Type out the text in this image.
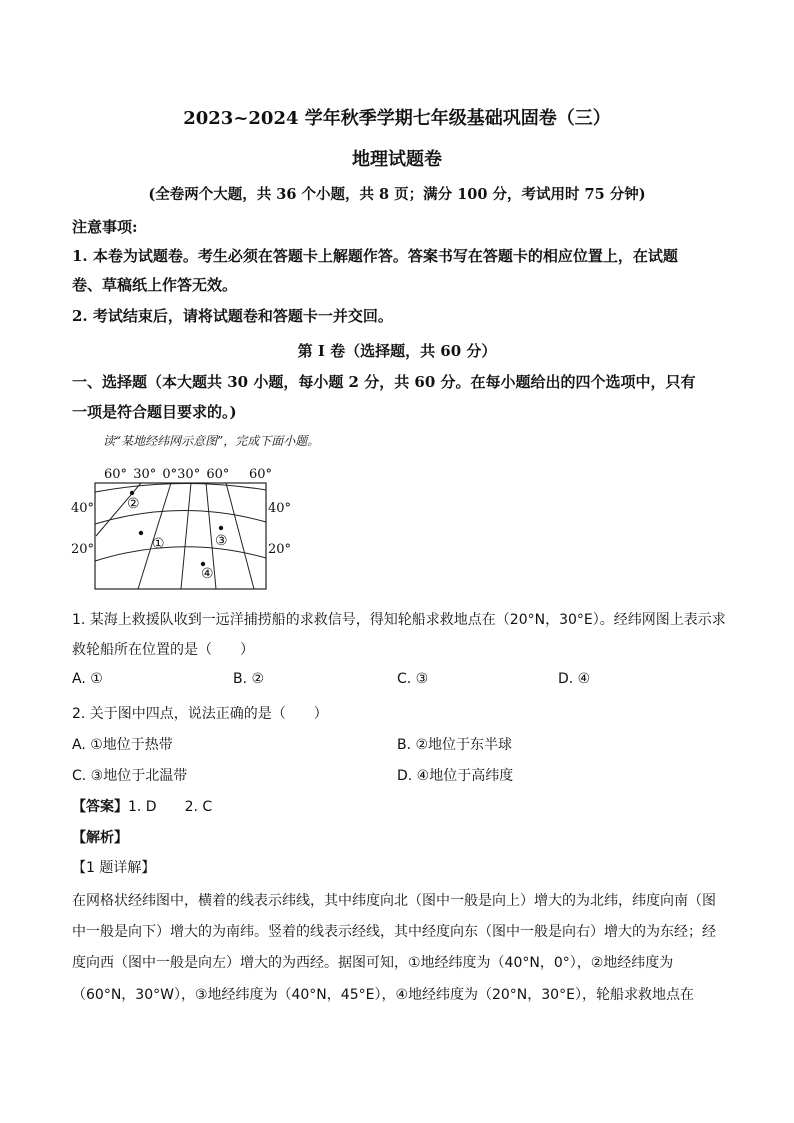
2023~2024 学年秋季学期七年级基础巩固卷（三）
地理试题卷
(全卷两个大题，共 36 个小题，共 8 页；满分 100 分，考试用时 75 分钟)
注意事项:
1. 本卷为试题卷。考生必须在答题卡上解题作答。答案书写在答题卡的相应位置上，在试题
卷、草稿纸上作答无效。
2. 考试结束后，请将试题卷和答题卡一并交回。
第 I 卷（选择题，共 60 分）
一、选择题（本大题共 30 小题，每小题 2 分，共 60 分。在每小题给出的四个选项中，只有
一项是符合题目要求的。)
读“某地经纬网示意图”，完成下面小题。
60° 30° 0°30° 60° 60°
40°
20°
40°
20°
②
①	③
④
1. 某海上救援队收到一远洋捕捞船的求救信号，得知轮船求救地点在（20°N，30°E）。经纬网图上表示求
救轮船所在位置的是（　　）
A. ①	B. ②	C. ③	D. ④
2. 关于图中四点，说法正确的是（　　）
A. ①地位于热带	B. ②地位于东半球
C. ③地位于北温带	D. ④地位于高纬度
【答案】1. D　　2. C
【解析】
【1 题详解】
在网格状经纬图中，横着的线表示纬线，其中纬度向北（图中一般是向上）增大的为北纬，纬度向南（图
中一般是向下）增大的为南纬。竖着的线表示经线，其中经度向东（图中一般是向右）增大的为东经；经
度向西（图中一般是向左）增大的为西经。据图可知，①地经纬度为（40°N，0°），②地经纬度为
（60°N，30°W），③地经纬度为（40°N，45°E），④地经纬度为（20°N，30°E），轮船求救地点在
